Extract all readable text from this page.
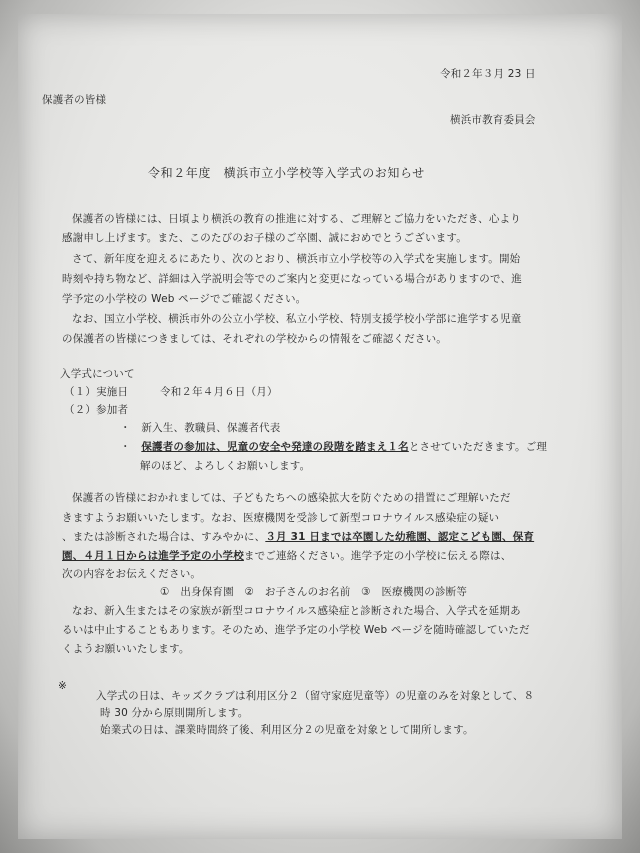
令和２年３月 23 日
保護者の皆様
横浜市教育委員会
令和２年度　横浜市立小学校等入学式のお知らせ
保護者の皆様には、日頃より横浜の教育の推進に対する、ご理解とご協力をいただき、心より
感謝申し上げます。また、このたびのお子様のご卒園、誠におめでとうございます。
さて、新年度を迎えるにあたり、次のとおり、横浜市立小学校等の入学式を実施します。開始
時刻や持ち物など、詳細は入学説明会等でのご案内と変更になっている場合がありますので、進
学予定の小学校の Web ページでご確認ください。
なお、国立小学校、横浜市外の公立小学校、私立小学校、特別支援学校小学部に進学する児童
の保護者の皆様につきましては、それぞれの学校からの情報をご確認ください。
入学式について
（１）実施日	令和２年４月６日（月）
（２）参加者
・　新入生、教職員、保護者代表
・ 保護者の参加は、児童の安全や発達の段階を踏まえ１名とさせていただきます。ご理
解のほど、よろしくお願いします。
保護者の皆様におかれましては、子どもたちへの感染拡大を防ぐための措置にご理解いただ
きますようお願いいたします。なお、医療機関を受診して新型コロナウイルス感染症の疑い
、または診断された場合は、すみやかに、３月 31 日までは卒園した幼稚園、認定こども園、保育
園、４月１日からは進学予定の小学校までご連絡ください。進学予定の小学校に伝える際は、
次の内容をお伝えください。
①　出身保育園　②　お子さんのお名前　③　医療機関の診断等
なお、新入生またはその家族が新型コロナウイルス感染症と診断された場合、入学式を延期あ
るいは中止することもあります。そのため、進学予定の小学校 Web ページを随時確認していただ
くようお願いいたします。
※
入学式の日は、キッズクラブは利用区分２（留守家庭児童等）の児童のみを対象として、８
時 30 分から原則開所します。
始業式の日は、課業時間終了後、利用区分２の児童を対象として開所します。
